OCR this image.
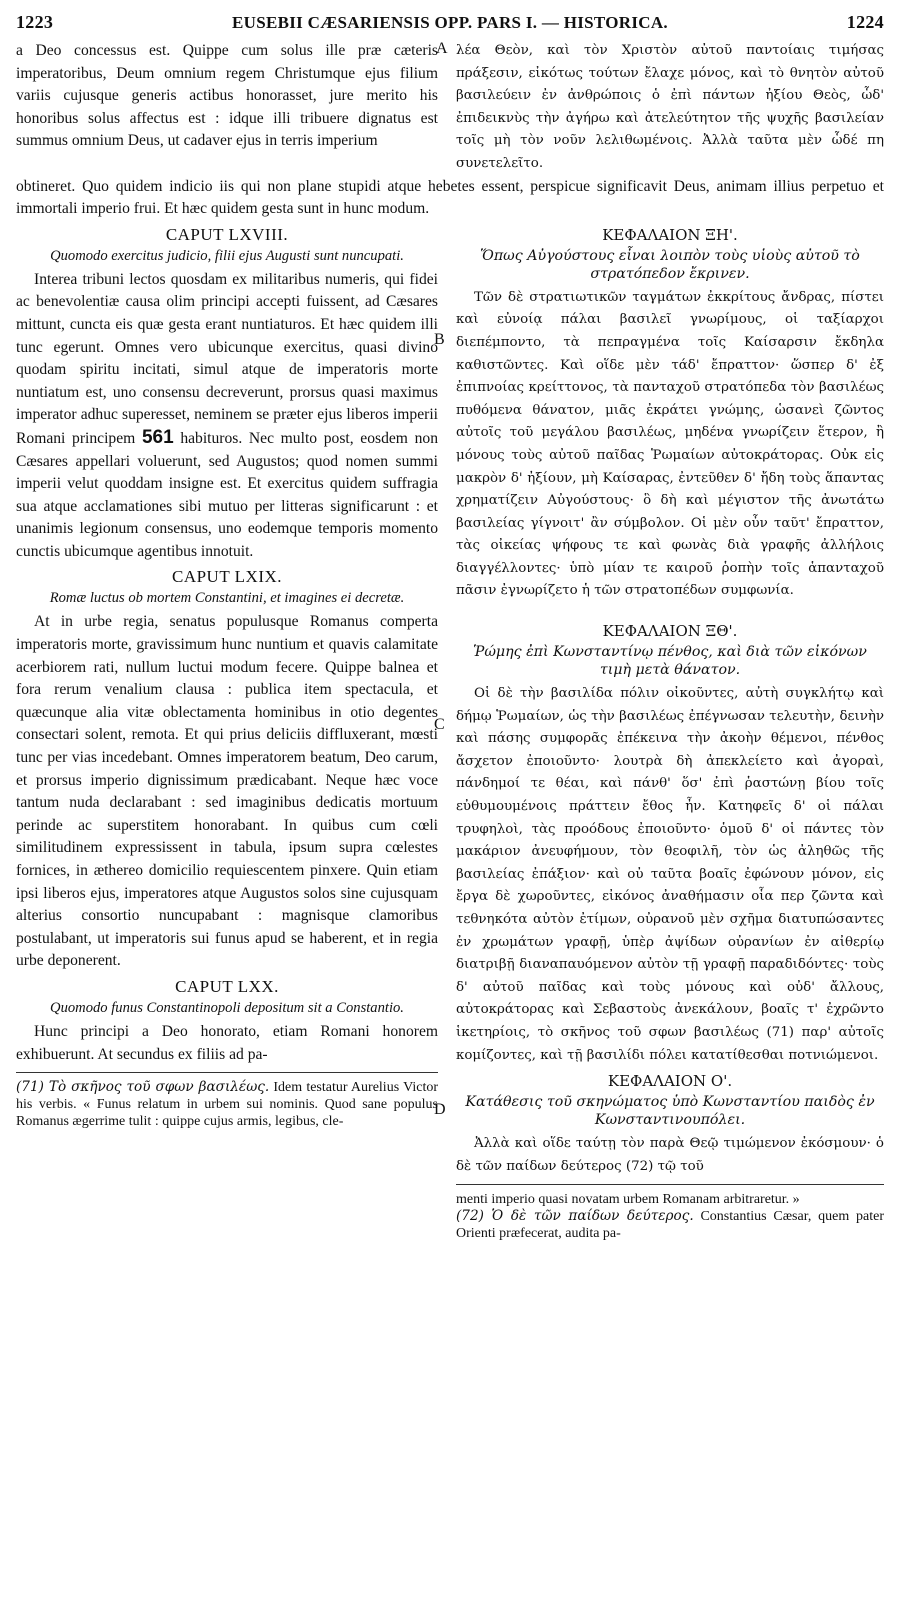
1223	EUSEBII CÆSARIENSIS OPP. PARS I. — HISTORICA.	1224

a Deo concessus est. Quippe cum solus ille præ cæteris imperatoribus, Deum omnium regem Christumque ejus filium variis cujusque generis actibus honorasset, jure merito his honoribus solus affectus est : idque illi tribuere dignatus est summus omnium Deus, ut cadaver ejus in terris imperium

A λέα Θεὸν, καὶ τὸν Χριστὸν αὐτοῦ παντοίαις τιμήσας πράξεσιν, εἰκότως τούτων ἔλαχε μόνος, καὶ τὸ θνητὸν αὐτοῦ βασιλεύειν ἐν ἀνθρώποις ὁ ἐπὶ πάντων ἠξίου Θεὸς, ὧδ' ἐπιδεικνὺς τὴν ἀγήρω καὶ ἀτελεύτητον τῆς ψυχῆς βασιλείαν τοῖς μὴ τὸν νοῦν λελιθωμένοις. Ἀλλὰ ταῦτα μὲν ὧδέ πη συνετελεῖτο.

obtineret. Quo quidem indicio iis qui non plane stupidi atque hebetes essent, perspicue significavit Deus, animam illius perpetuo et immortali imperio frui. Et hæc quidem gesta sunt in hunc modum.

CAPUT LXVIII.
Quomodo exercitus judicio, filii ejus Augusti sunt nuncupati.

Interea tribuni lectos quosdam ex militaribus numeris, qui fidei ac benevolentiæ causa olim principi accepti fuissent, ad Cæsares mittunt, cuncta eis quæ gesta erant nuntiaturos. Et hæc quidem illi tunc egerunt. Omnes vero ubicunque exercitus, quasi divino quodam spiritu incitati, simul atque de imperatoris morte nuntiatum est, uno consensu decreverunt, prorsus quasi maximus imperator adhuc superesset, neminem se præter ejus liberos imperii Romani principem 561 habituros. Nec multo post, eosdem non Cæsares appellari voluerunt, sed Augustos; quod nomen summi imperii velut quoddam insigne est. Et exercitus quidem suffragia sua atque acclamationes sibi mutuo per litteras significarunt : et unanimis legionum consensus, uno eodemque temporis momento cunctis ubicumque agentibus innotuit.

CAPUT LXIX.
Romæ luctus ob mortem Constantini, et imagines ei decretæ.

At in urbe regia, senatus populusque Romanus comperta imperatoris morte, gravissimum hunc nuntium et quavis calamitate acerbiorem rati, nullum luctui modum fecere. Quippe balnea et fora rerum venalium clausa : publica item spectacula, et quæcunque alia vitæ oblectamenta hominibus in otio degentes consectari solent, remota. Et qui prius deliciis diffluxerant, mœsti tunc per vias incedebant. Omnes imperatorem beatum, Deo carum, et prorsus imperio dignissimum prædicabant. Neque hæc voce tantum nuda declarabant : sed imaginibus dedicatis mortuum perinde ac superstitem honorabant. In quibus cum cœli similitudinem expressissent in tabula, ipsum supra cœlestes fornices, in æthereo domicilio requiescentem pinxere. Quin etiam ipsi liberos ejus, imperatores atque Augustos solos sine cujusquam alterius consortio nuncupabant : magnisque clamoribus postulabant, ut imperatoris sui funus apud se haberent, et in regia urbe deponerent.

CAPUT LXX.
Quomodo funus Constantinopoli depositum sit a Constantio.

Hunc principi a Deo honorato, etiam Romani honorem exhibuerunt. At secundus ex filiis ad pa-

(71) Τὸ σκῆνος τοῦ σφων βασιλέως. Idem testatur Aurelius Victor his verbis. « Funus relatum in urbem sui nominis. Quod sane populus Romanus ægerrime tulit : quippe cujus armis, legibus, cle-

B
C
D
ΚΕΦΑΛΑΙΟΝ ΞΗ'.
Ὅπως Αὐγούστους εἶναι λοιπὸν τοὺς υἱοὺς αὐτοῦ τὸ στρατόπεδον ἔκρινεν.

Τῶν δὲ στρατιωτικῶν ταγμάτων ἐκκρίτους ἄνδρας, πίστει καὶ εὐνοίᾳ πάλαι βασιλεῖ γνωρίμους, οἱ ταξίαρχοι διεπέμποντο, τὰ πεπραγμένα τοῖς Καίσαρσιν ἔκδηλα καθιστῶντες. Καὶ οἵδε μὲν τάδ' ἔπραττον· ὥσπερ δ' ἐξ ἐπιπνοίας κρείττονος, τὰ πανταχοῦ στρατόπεδα τὸν βασιλέως πυθόμενα θάνατον, μιᾶς ἐκράτει γνώμης, ὡσανεὶ ζῶντος αὐτοῖς τοῦ μεγάλου βασιλέως, μηδένα γνωρίζειν ἕτερον, ἢ μόνους τοὺς αὐτοῦ παῖδας Ῥωμαίων αὐτοκράτορας. Οὐκ εἰς μακρὸν δ' ἠξίουν, μὴ Καίσαρας, ἐντεῦθεν δ' ἤδη τοὺς ἅπαντας χρηματίζειν Αὐγούστους· ὃ δὴ καὶ μέγιστον τῆς ἀνωτάτω βασιλείας γίγνοιτ' ἂν σύμβολον. Οἱ μὲν οὖν ταῦτ' ἔπραττον, τὰς οἰκείας ψήφους τε καὶ φωνὰς διὰ γραφῆς ἀλλήλοις διαγγέλλοντες· ὑπὸ μίαν τε καιροῦ ῥοπὴν τοῖς ἁπανταχοῦ πᾶσιν ἐγνωρίζετο ἡ τῶν στρατοπέδων συμφωνία.

ΚΕΦΑΛΑΙΟΝ ΞΘ'.
Ῥώμης ἐπὶ Κωνσταντίνῳ πένθος, καὶ διὰ τῶν εἰκόνων τιμὴ μετὰ θάνατον.

Οἱ δὲ τὴν βασιλίδα πόλιν οἰκοῦντες, αὐτὴ συγκλήτῳ καὶ δήμῳ Ῥωμαίων, ὡς τὴν βασιλέως ἐπέγνωσαν τελευτὴν, δεινὴν καὶ πάσης συμφορᾶς ἐπέκεινα τὴν ἀκοὴν θέμενοι, πένθος ἄσχετον ἐποιοῦντο· λουτρὰ δὴ ἀπεκλείετο καὶ ἀγοραὶ, πάνδημοί τε θέαι, καὶ πάνθ' ὅσ' ἐπὶ ῥαστώνῃ βίου τοῖς εὐθυμουμένοις πράττειν ἔθος ἦν. Κατηφεῖς δ' οἱ πάλαι τρυφηλοὶ, τὰς προόδους ἐποιοῦντο· ὁμοῦ δ' οἱ πάντες τὸν μακάριον ἀνευφήμουν, τὸν θεοφιλῆ, τὸν ὡς ἀληθῶς τῆς βασιλείας ἐπάξιον· καὶ οὐ ταῦτα βοαῖς ἐφώνουν μόνον, εἰς ἔργα δὲ χωροῦντες, εἰκόνος ἀναθήμασιν οἷα περ ζῶντα καὶ τεθνηκότα αὐτὸν ἐτίμων, οὐρανοῦ μὲν σχῆμα διατυπώσαντες ἐν χρωμάτων γραφῇ, ὑπὲρ ἀψίδων οὐρανίων ἐν αἰθερίῳ διατριβῇ διαναπαυόμενον αὐτὸν τῇ γραφῇ παραδιδόντες· τοὺς δ' αὐτοῦ παῖδας καὶ τοὺς μόνους καὶ οὐδ' ἄλλους, αὐτοκράτορας καὶ Σεβαστοὺς ἀνεκάλουν, βοαῖς τ' ἐχρῶντο ἱκετηρίοις, τὸ σκῆνος τοῦ σφων βασιλέως (71) παρ' αὐτοῖς κομίζοντες, καὶ τῇ βασιλίδι πόλει κατατίθεσθαι ποτνιώμενοι.

ΚΕΦΑΛΑΙΟΝ Ο'.
Κατάθεσις τοῦ σκηνώματος ὑπὸ Κωνσταντίου παιδὸς ἐν Κωνσταντινουπόλει.

Ἀλλὰ καὶ οἵδε ταύτῃ τὸν παρὰ Θεῷ τιμώμενον ἐκόσμουν· ὁ δὲ τῶν παίδων δεύτερος (72) τῷ τοῦ

menti imperio quasi novatam urbem Romanam arbitraretur. »

(72) Ὁ δὲ τῶν παίδων δεύτερος. Constantius Cæsar, quem pater Orienti præfecerat, audita pa-
